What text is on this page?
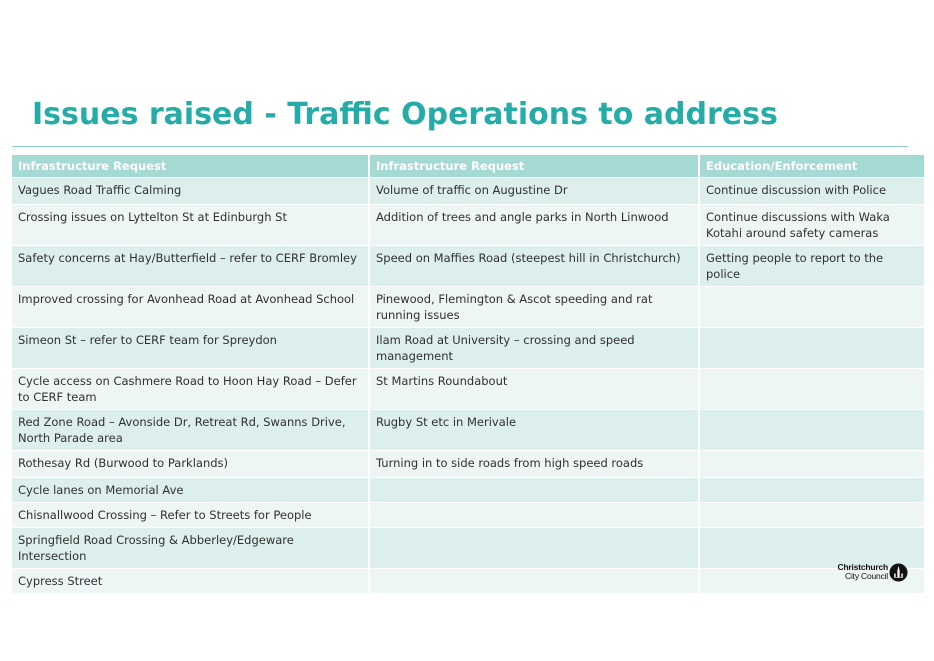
Issues raised - Traffic Operations to address
Infrastructure Request	Infrastructure Request	Education/Enforcement
Vagues Road Traffic Calming	Volume of traffic on Augustine Dr	Continue discussion with Police
Crossing issues on Lyttelton St at Edinburgh St	Addition of trees and angle parks in North Linwood	Continue discussions with Waka Kotahi around safety cameras
Safety concerns at Hay/Butterfield – refer to CERF Bromley	Speed on Maffies Road (steepest hill in Christchurch)	Getting people to report to the police
Improved crossing for Avonhead Road at Avonhead School	Pinewood, Flemington & Ascot speeding and rat running issues	
Simeon St – refer to CERF team for Spreydon	Ilam Road at University – crossing and speed management	
Cycle access on Cashmere Road to Hoon Hay Road – Defer to CERF team	St Martins Roundabout	
Red Zone Road – Avonside Dr, Retreat Rd, Swanns Drive, North Parade area	Rugby St etc in Merivale	
Rothesay Rd (Burwood to Parklands)	Turning in to side roads from high speed roads	
Cycle lanes on Memorial Ave		
Chisnallwood Crossing – Refer to Streets for People		
Springfield Road Crossing & Abberley/Edgeware Intersection		
Cypress Street		
Christchurch
City Council
